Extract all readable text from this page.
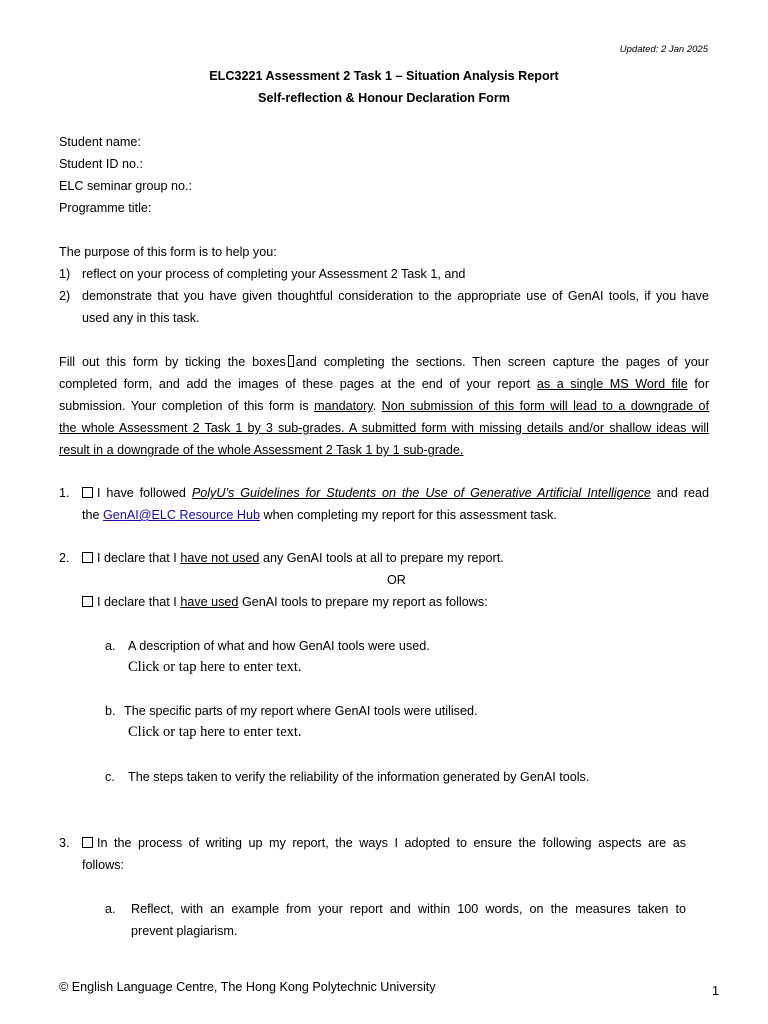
Updated: 2 Jan 2025
ELC3221 Assessment 2 Task 1 – Situation Analysis Report
Self-reflection & Honour Declaration Form
Student name:
Student ID no.:
ELC seminar group no.:
Programme title:
The purpose of this form is to help you:
1) reflect on your process of completing your Assessment 2 Task 1, and
2) demonstrate that you have given thoughtful consideration to the appropriate use of GenAI tools, if you have
used any in this task.
Fill out this form by ticking the boxes and completing the sections. Then screen capture the pages of your
completed form, and add the images of these pages at the end of your report as a single MS Word file for
submission. Your completion of this form is mandatory. Non submission of this form will lead to a downgrade of
the whole Assessment 2 Task 1 by 3 sub-grades. A submitted form with missing details and/or shallow ideas will
result in a downgrade of the whole Assessment 2 Task 1 by 1 sub-grade.
1.	I have followed PolyU’s Guidelines for Students on the Use of Generative Artificial Intelligence and read
the GenAI@ELC Resource Hub when completing my report for this assessment task.
2.	I declare that I have not used any GenAI tools at all to prepare my report.
OR
I declare that I have used GenAI tools to prepare my report as follows:
a. A description of what and how GenAI tools were used.
Click or tap here to enter text.
b. The specific parts of my report where GenAI tools were utilised.
Click or tap here to enter text.
c. The steps taken to verify the reliability of the information generated by GenAI tools.
3.	In the process of writing up my report, the ways I adopted to ensure the following aspects are as
follows:
a. Reflect, with an example from your report and within 100 words, on the measures taken to
prevent plagiarism.
© English Language Centre, The Hong Kong Polytechnic University	1
